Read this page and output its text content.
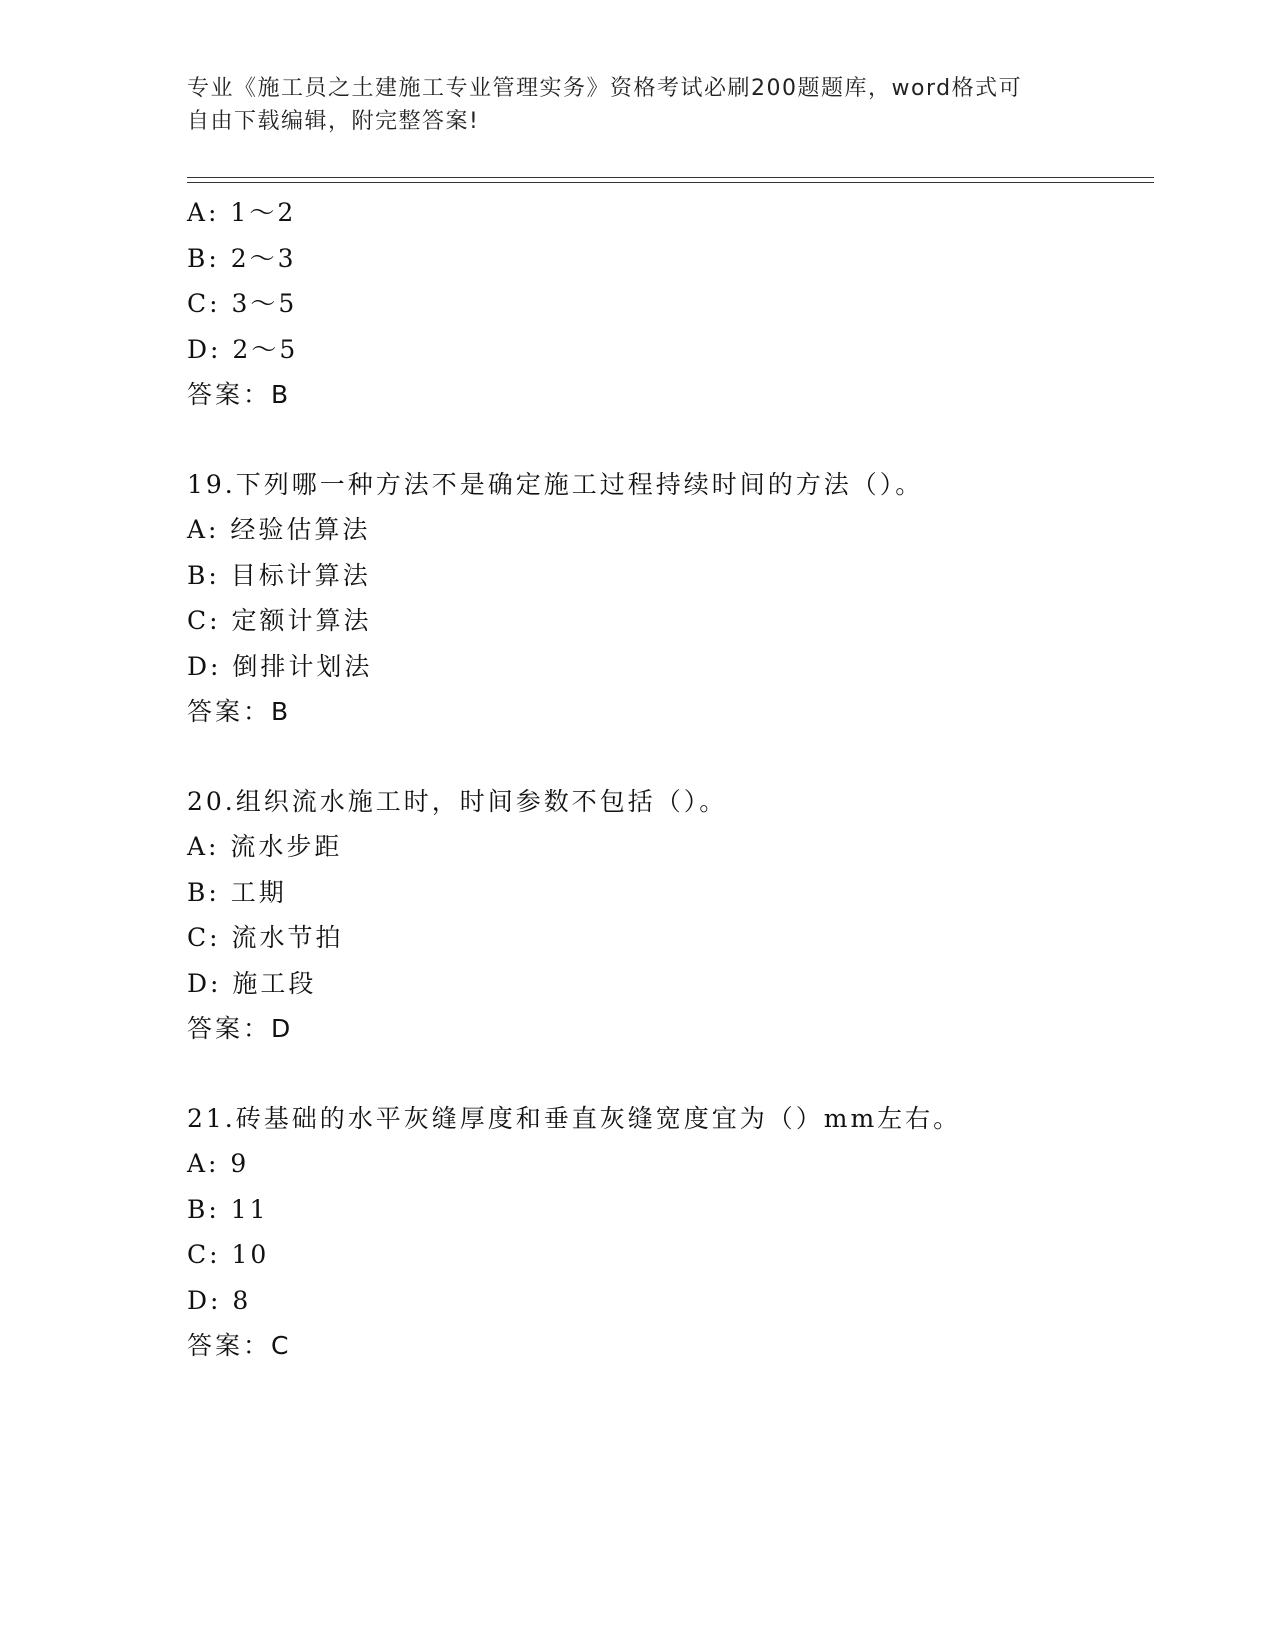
专业《施工员之土建施工专业管理实务》资格考试必刷200题题库，word格式可
自由下载编辑，附完整答案!
A: 1～2
B: 2～3
C: 3～5
D: 2～5
答案：B
19.下列哪一种方法不是确定施工过程持续时间的方法（）。
A: 经验估算法
B: 目标计算法
C: 定额计算法
D: 倒排计划法
答案：B
20.组织流水施工时，时间参数不包括（）。
A: 流水步距
B: 工期
C: 流水节拍
D: 施工段
答案：D
21.砖基础的水平灰缝厚度和垂直灰缝宽度宜为（）mm左右。
A: 9
B: 11
C: 10
D: 8
答案：C
